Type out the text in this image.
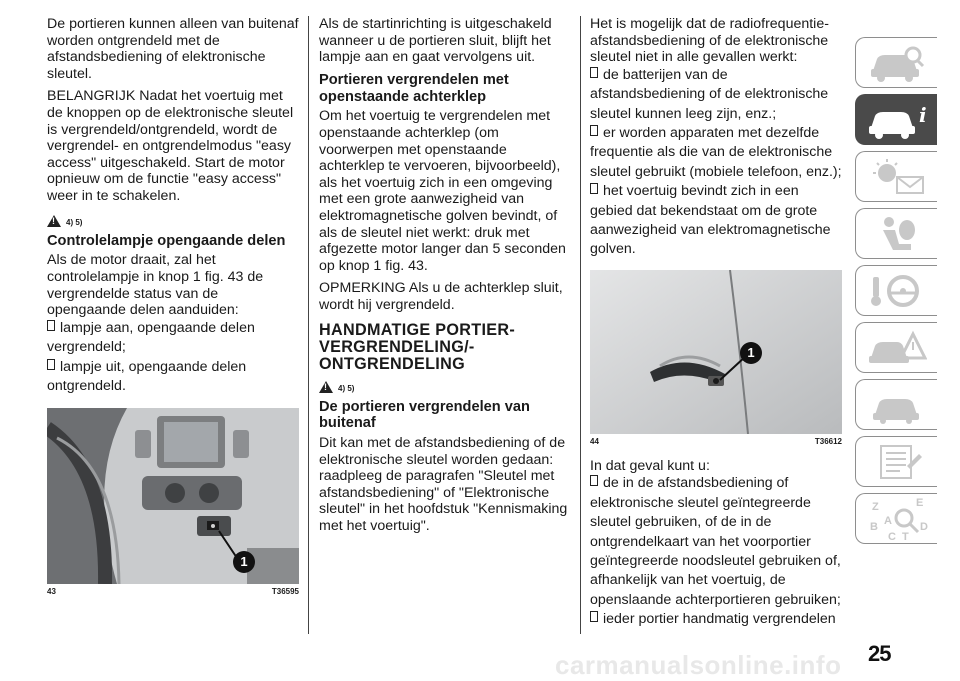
De portieren kunnen alleen van buitenaf worden ontgrendeld met de afstandsbediening of elektronische sleutel.

BELANGRIJK Nadat het voertuig met de knoppen op de elektronische sleutel is vergrendeld/ontgrendeld, wordt de vergrendel- en ontgrendelmodus "easy access" uitgeschakeld. Start de motor opnieuw om de functie "easy access" weer in te schakelen.

!
4) 5)
Controlelampje opengaande delen

Als de motor draait, zal het controlelampje in knop 1 fig. 43 de vergrendelde status van de opengaande delen aanduiden:

lampje aan, opengaande delen vergrendeld;
lampje uit, opengaande delen ontgrendeld.
1
43	T36595

Als de startinrichting is uitgeschakeld wanneer u de portieren sluit, blijft het lampje aan en gaat vervolgens uit.

Portieren vergrendelen met openstaande achterklep

Om het voertuig te vergrendelen met openstaande achterklep (om voorwerpen met openstaande achterklep te vervoeren, bijvoorbeeld), als het voertuig zich in een omgeving met een grote aanwezigheid van elektromagnetische golven bevindt, of als de sleutel niet werkt: druk met afgezette motor langer dan 5 seconden op knop 1 fig. 43.

OPMERKING Als u de achterklep sluit, wordt hij vergrendeld.

HANDMATIGE PORTIER-VERGRENDELING/-ONTGRENDELING
!
4) 5)
De portieren vergrendelen van buitenaf

Dit kan met de afstandsbediening of de elektronische sleutel worden gedaan: raadpleeg de paragrafen "Sleutel met afstandsbediening" of "Elektronische sleutel" in het hoofdstuk "Kennismaking met het voertuig".

Het is mogelijk dat de radiofrequentie-afstandsbediening of de elektronische sleutel niet in alle gevallen werkt:

de batterijen van de afstandsbediening of de elektronische sleutel kunnen leeg zijn, enz.;
er worden apparaten met dezelfde frequentie als die van de elektronische sleutel gebruikt (mobiele telefoon, enz.);
het voertuig bevindt zich in een gebied dat bekendstaat om de grote aanwezigheid van elektromagnetische golven.
1
44	T36612

In dat geval kunt u:

de in de afstandsbediening of elektronische sleutel geïntegreerde sleutel gebruiken, of de in de ontgrendelkaart van het voorportier geïntegreerde noodsleutel gebruiken of, afhankelijk van het voertuig, de openslaande achterportieren gebruiken;
ieder portier handmatig vergrendelen
i
Z	E
A
B
C T
D
carmanualsonline.info 25
